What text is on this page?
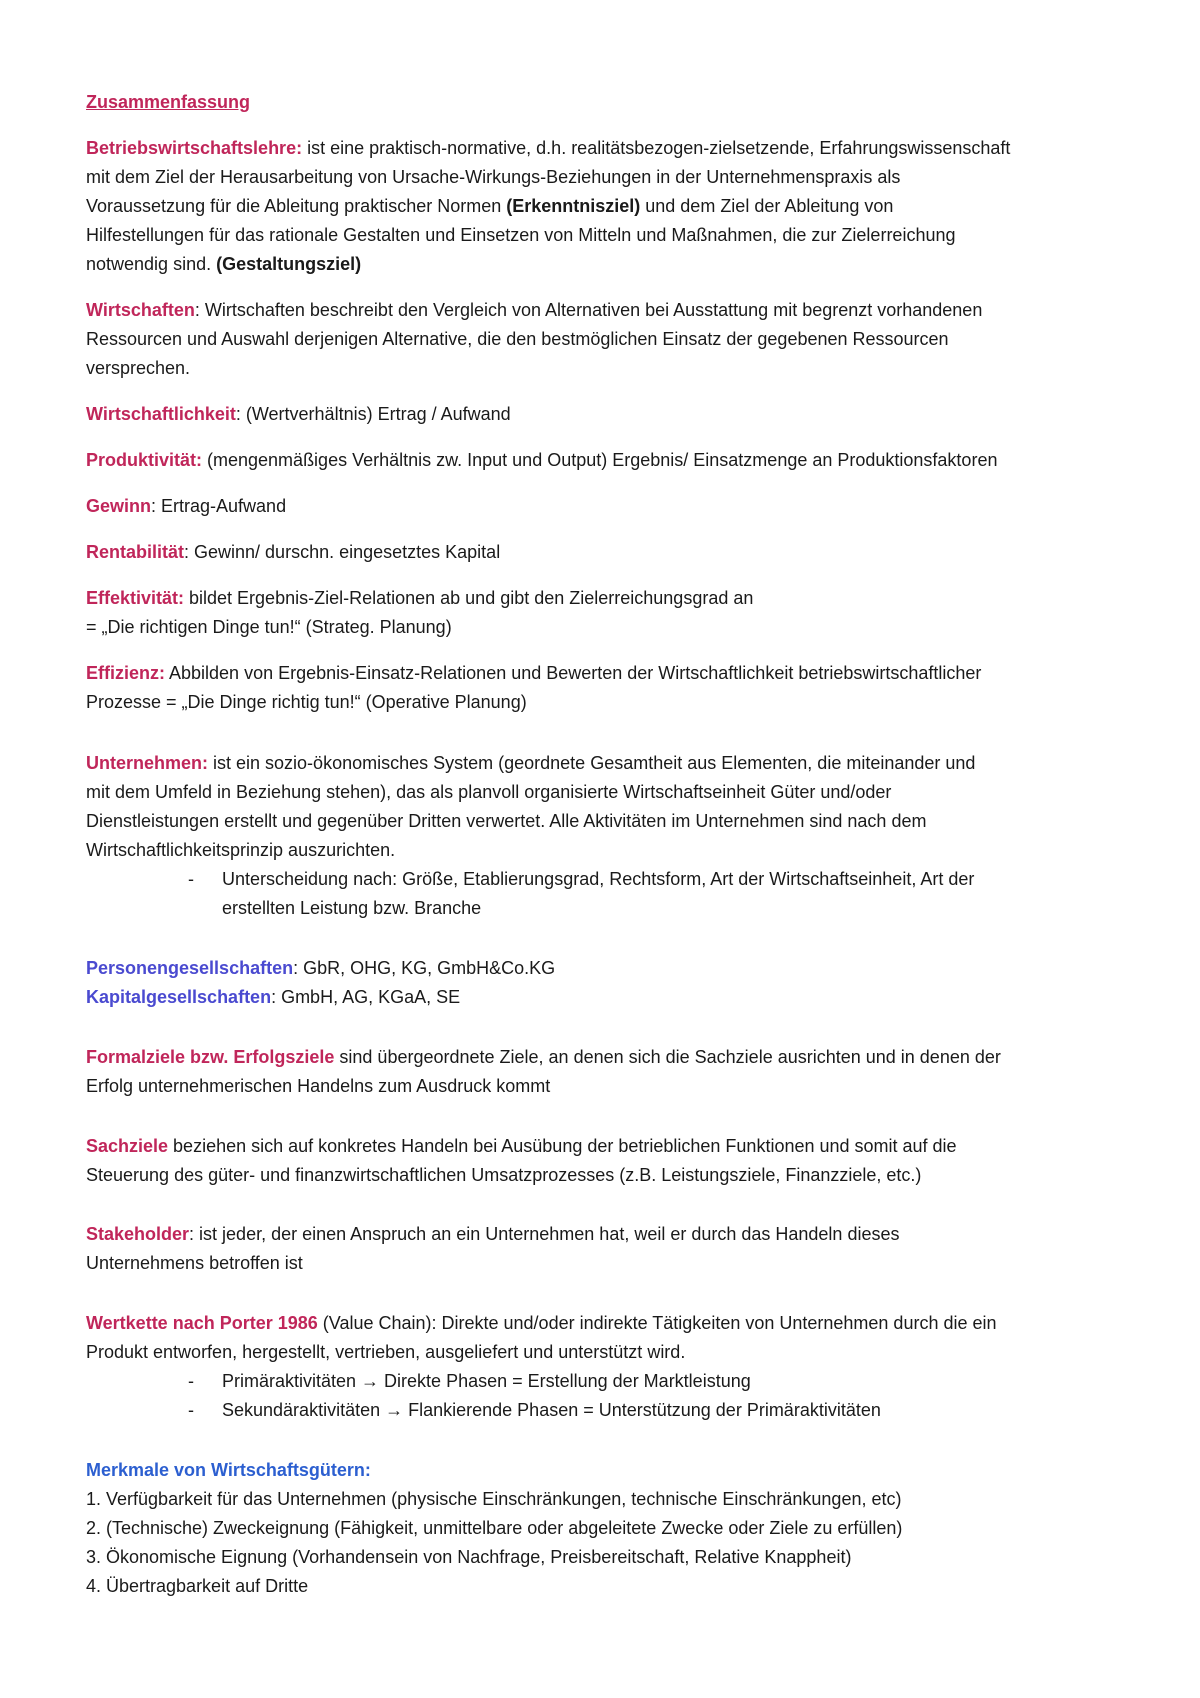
Zusammenfassung
Betriebswirtschaftslehre: ist eine praktisch-normative, d.h. realitätsbezogen-zielsetzende, Erfahrungswissenschaft
mit dem Ziel der Herausarbeitung von Ursache-Wirkungs-Beziehungen in der Unternehmenspraxis als
Voraussetzung für die Ableitung praktischer Normen (Erkenntnisziel) und dem Ziel der Ableitung von
Hilfestellungen für das rationale Gestalten und Einsetzen von Mitteln und Maßnahmen, die zur Zielerreichung
notwendig sind. (Gestaltungsziel)
Wirtschaften: Wirtschaften beschreibt den Vergleich von Alternativen bei Ausstattung mit begrenzt vorhandenen
Ressourcen und Auswahl derjenigen Alternative, die den bestmöglichen Einsatz der gegebenen Ressourcen
versprechen.
Wirtschaftlichkeit: (Wertverhältnis) Ertrag / Aufwand
Produktivität: (mengenmäßiges Verhältnis zw. Input und Output) Ergebnis/ Einsatzmenge an Produktionsfaktoren
Gewinn: Ertrag-Aufwand
Rentabilität: Gewinn/ durschn. eingesetztes Kapital
Effektivität: bildet Ergebnis-Ziel-Relationen ab und gibt den Zielerreichungsgrad an
= „Die richtigen Dinge tun!“ (Strateg. Planung)
Effizienz: Abbilden von Ergebnis-Einsatz-Relationen und Bewerten der Wirtschaftlichkeit betriebswirtschaftlicher
Prozesse = „Die Dinge richtig tun!“ (Operative Planung)
Unternehmen: ist ein sozio-ökonomisches System (geordnete Gesamtheit aus Elementen, die miteinander und
mit dem Umfeld in Beziehung stehen), das als planvoll organisierte Wirtschaftseinheit Güter und/oder
Dienstleistungen erstellt und gegenüber Dritten verwertet. Alle Aktivitäten im Unternehmen sind nach dem
Wirtschaftlichkeitsprinzip auszurichten.
- Unterscheidung nach: Größe, Etablierungsgrad, Rechtsform, Art der Wirtschaftseinheit, Art der
erstellten Leistung bzw. Branche
Personengesellschaften: GbR, OHG, KG, GmbH&Co.KG
Kapitalgesellschaften: GmbH, AG, KGaA, SE
Formalziele bzw. Erfolgsziele sind übergeordnete Ziele, an denen sich die Sachziele ausrichten und in denen der
Erfolg unternehmerischen Handelns zum Ausdruck kommt
Sachziele beziehen sich auf konkretes Handeln bei Ausübung der betrieblichen Funktionen und somit auf die
Steuerung des güter- und finanzwirtschaftlichen Umsatzprozesses (z.B. Leistungsziele, Finanzziele, etc.)
Stakeholder: ist jeder, der einen Anspruch an ein Unternehmen hat, weil er durch das Handeln dieses
Unternehmens betroffen ist
Wertkette nach Porter 1986 (Value Chain): Direkte und/oder indirekte Tätigkeiten von Unternehmen durch die ein
Produkt entworfen, hergestellt, vertrieben, ausgeliefert und unterstützt wird.
- Primäraktivitäten → Direkte Phasen = Erstellung der Marktleistung
- Sekundäraktivitäten → Flankierende Phasen = Unterstützung der Primäraktivitäten
Merkmale von Wirtschaftsgütern:
1. Verfügbarkeit für das Unternehmen (physische Einschränkungen, technische Einschränkungen, etc)
2. (Technische) Zweckeignung (Fähigkeit, unmittelbare oder abgeleitete Zwecke oder Ziele zu erfüllen)
3. Ökonomische Eignung (Vorhandensein von Nachfrage, Preisbereitschaft, Relative Knappheit)
4. Übertragbarkeit auf Dritte
